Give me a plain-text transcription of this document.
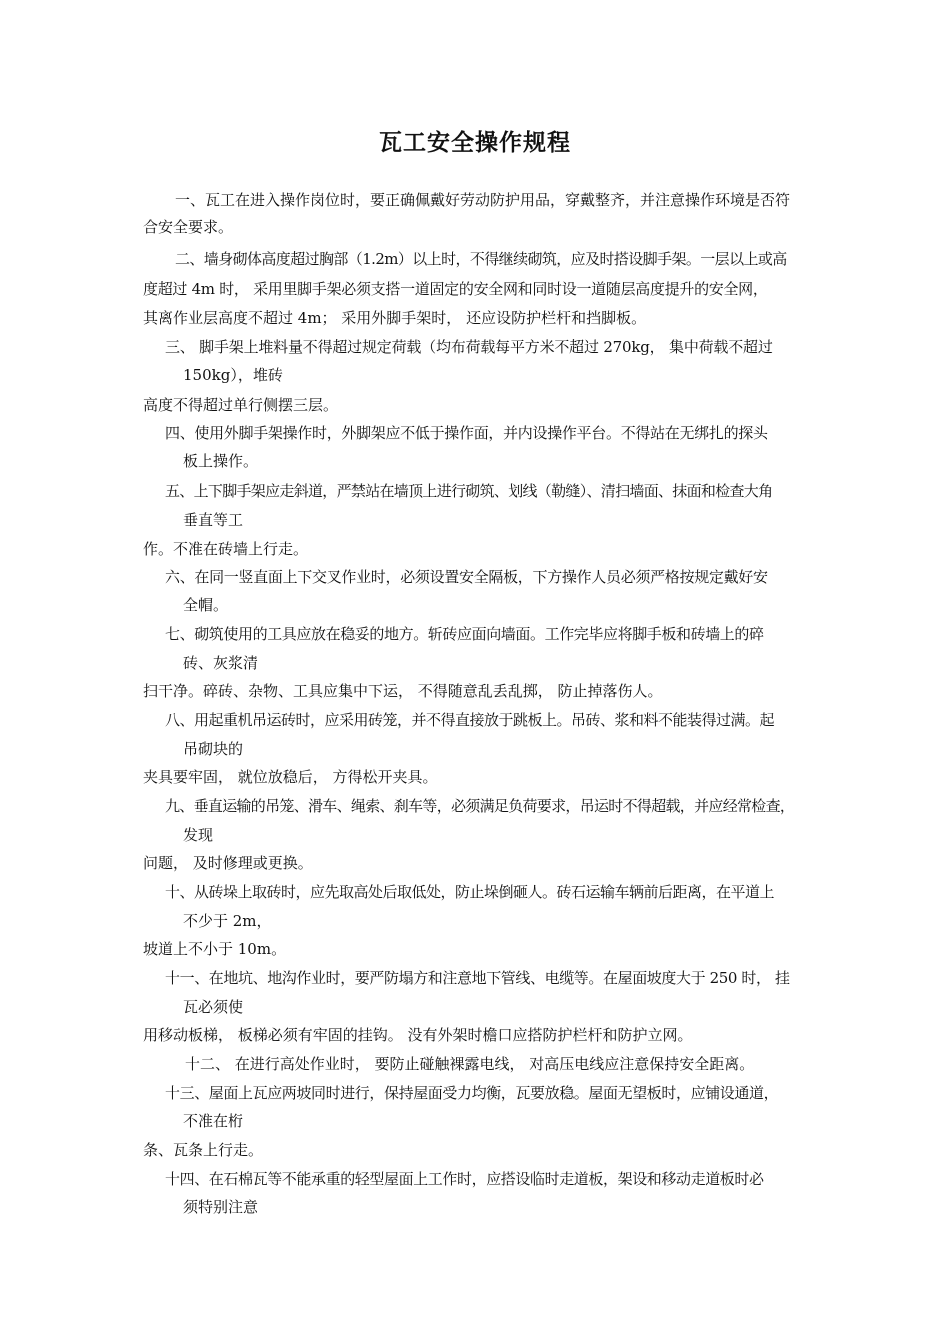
瓦工安全操作规程

一、瓦工在进入操作岗位时，要正确佩戴好劳动防护用品，穿戴整齐，并注意操作环境是否符

合安全要求。

二、墙身砌体高度超过胸部（1.2m）以上时，不得继续砌筑，应及时搭设脚手架。一层以上或高

度超过 4m 时， 采用里脚手架必须支搭一道固定的安全网和同时设一道随层高度提升的安全网，

其离作业层高度不超过 4m； 采用外脚手架时， 还应设防护栏杆和挡脚板。

三、 脚手架上堆料量不得超过规定荷载（均布荷载每平方米不超过 270kg， 集中荷载不超过

150kg），堆砖

高度不得超过单行侧摆三层。

四、使用外脚手架操作时，外脚架应不低于操作面，并内设操作平台。不得站在无绑扎的探头

板上操作。

五、上下脚手架应走斜道，严禁站在墙顶上进行砌筑、划线（勒缝）、清扫墙面、抹面和检查大角

垂直等工

作。不准在砖墙上行走。

六、在同一竖直面上下交叉作业时，必须设置安全隔板，下方操作人员必须严格按规定戴好安

全帽。

七、砌筑使用的工具应放在稳妥的地方。斩砖应面向墙面。工作完毕应将脚手板和砖墙上的碎

砖、灰浆清

扫干净。碎砖、杂物、工具应集中下运， 不得随意乱丢乱掷， 防止掉落伤人。

八、用起重机吊运砖时，应采用砖笼，并不得直接放于跳板上。吊砖、浆和料不能装得过满。起

吊砌块的

夹具要牢固， 就位放稳后， 方得松开夹具。

九、垂直运输的吊笼、滑车、绳索、刹车等，必须满足负荷要求，吊运时不得超载，并应经常检查，

发现

问题， 及时修理或更换。

十、从砖垛上取砖时，应先取高处后取低处，防止垛倒砸人。砖石运输车辆前后距离，在平道上

不少于 2m，

坡道上不小于 10m。

十一、在地坑、地沟作业时，要严防塌方和注意地下管线、电缆等。在屋面坡度大于 250 时， 挂

瓦必须使

用移动板梯， 板梯必须有牢固的挂钩。 没有外架时檐口应搭防护栏杆和防护立网。

十二、 在进行高处作业时， 要防止碰触裸露电线， 对高压电线应注意保持安全距离。

十三、屋面上瓦应两坡同时进行，保持屋面受力均衡，瓦要放稳。屋面无望板时，应铺设通道，

不准在桁

条、瓦条上行走。

十四、在石棉瓦等不能承重的轻型屋面上工作时，应搭设临时走道板，架设和移动走道板时必

须特别注意
